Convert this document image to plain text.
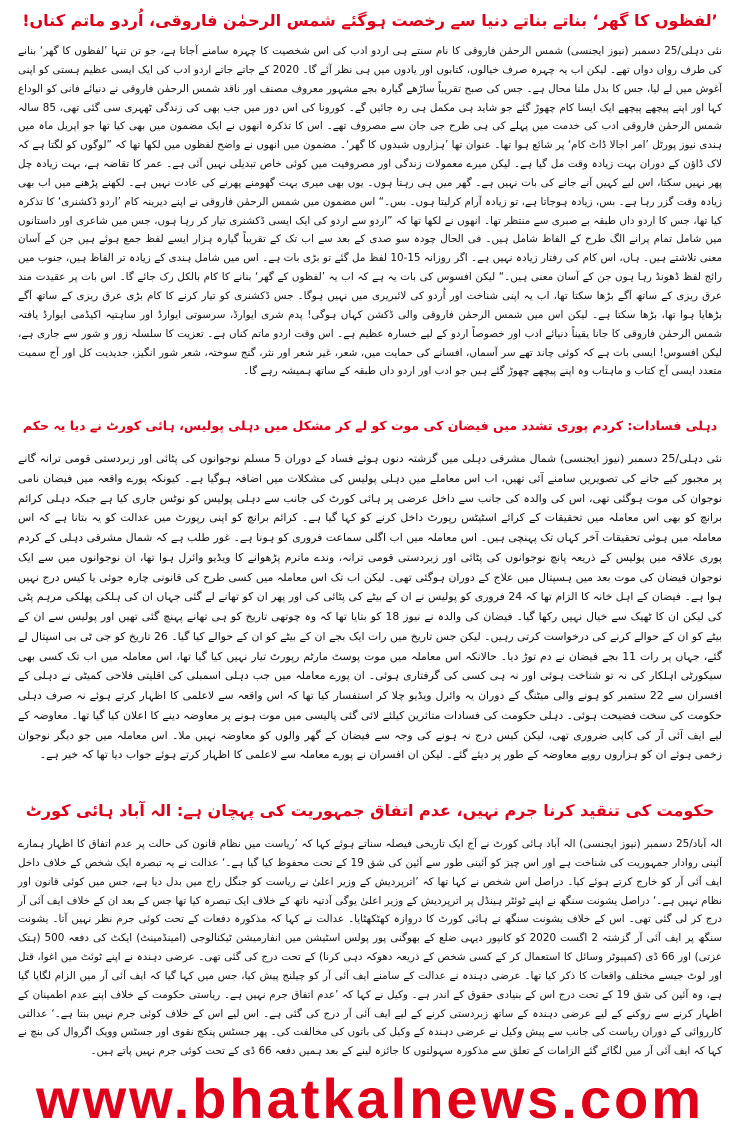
’لفظوں کا گھر‘ بناتے بناتے دنیا سے رخصت ہوگئے شمس الرحمٰن فاروقی، اُردو ماتم کناں!

نئی دہلی/25 دسمبر (نیوز ایجنسی) شمس الرحمٰن فاروقی کا نام سنتے ہی اردو ادب کی اس شخصیت کا چہرہ سامنے آجاتا ہے، جو تن تنہا ’لفظوں کا گھر‘ بنانے کی طرف رواں دواں تھے۔ لیکن اب یہ چہرہ صرف خیالوں، کتابوں اور یادوں میں ہی نظر آئے گا۔ 2020 کے جاتے جاتے اردو ادب کی ایک ایسی عظیم ہستی کو اپنی آغوش میں لے لیا، جس کا بدل ملنا محال ہے۔ جس کی صبح تقریباً ساڑھے گیارہ بجے مشہور معروف مصنف اور ناقد شمس الرحمٰن فاروقی نے دنیائے فانی کو الوداع کہا اور اپنے پیچھے پیچھے ایک ایسا کام چھوڑ گئے جو شاید ہی مکمل ہی رہ جائیں گے۔ کورونا کی اس دور میں جب بھی کی زندگی ٹھہری سی گئی تھی، 85 سالہ شمس الرحمٰن فاروقی ادب کی خدمت میں پہلے کی ہی طرح جی جان سے مصروف تھے۔ اس کا تذکرہ انھوں نے ایک مضمون میں بھی کیا تھا جو اپریل ماہ میں ہندی نیوز پورٹل ’امر اجالا ڈاٹ کام‘ پر شائع ہوا تھا۔ عنوان تھا ’ہزاروں شبدوں کا گھر‘۔ مضمون میں انھوں نے واضح لفظوں میں لکھا تھا کہ ”لوگوں کو لگتا ہے کہ لاک ڈاؤن کے دوران بہت زیادہ وقت مل گیا ہے۔ لیکن میرے معمولات زندگی اور مصروفیت میں کوئی خاص تبدیلی نہیں آئی ہے۔ عمر کا تقاضہ ہے، بہت زیادہ چل پھر نہیں سکتا، اس لیے کہیں آنے جانے کی بات نہیں ہے۔ گھر میں ہی رہتا ہوں۔ یوں بھی میری بہت گھومنے پھرنے کی عادت نہیں ہے۔ لکھنے پڑھنے میں اب بھی زیادہ وقت گزر رہا ہے۔ بس، زیادہ ہوجاتا ہے، تو زیادہ آرام کرلیتا ہوں۔ بس۔“ اس مضمون میں شمس الرحمٰن فاروقی نے اپنے دیرینہ کام ’اردو ڈکشنری‘ کا تذکرہ کیا تھا، جس کا اردو داں طبقہ بے صبری سے منتظر تھا۔ انھوں نے لکھا تھا کہ ”اردو سے اردو کی ایک ایسی ڈکشنری تیار کر رہا ہوں، جس میں شاعری اور داستانوں میں شامل تمام پرانے الگ طرح کے الفاظ شامل ہیں۔ فی الحال چودہ سو صدی کے بعد سے اب تک کے تقریباً گیارہ ہزار ایسے لفظ جمع ہوئے ہیں جن کے آسان معنی تلاشتے ہیں۔ ہاں، اس کام کی رفتار زیادہ نہیں ہے۔ اگر روزانہ 15-10 لفظ مل گئے تو بڑی بات ہے۔ اس میں شامل ہندی کے زیادہ تر الفاظ ہیں، جنوب میں رائج لفظ ڈھونڈ رہا ہوں جن کے آسان معنی ہیں۔“ لیکن افسوس کی بات یہ ہے کہ اب یہ ’لفظوں کے گھر‘ بنانے کا کام بالکل رک جائے گا۔ اس بات پر عقیدت مند عرق ریزی کے ساتھ آگے بڑھا سکتا تھا، اب یہ اپنی شناخت اور اُردو کی لائبریری میں نہیں ہوگا۔ جس ڈکشنری کو تیار کرنے کا کام بڑی عرق ریزی کے ساتھ آگے بڑھایا ہوا تھا، بڑھا سکتا ہے۔ لیکن اس میں شمس الرحمٰن فاروقی والی ڈکشن کہاں ہوگی! پدم شری ایوارڈ، سرسوتی ایوارڈ اور ساہتیہ اکیڈمی ایوارڈ یافتہ شمس الرحمٰن فاروقی کا جانا یقیناً دنیائے ادب اور خصوصاً اردو کے لیے خسارہ عظیم ہے۔ اس وقت اردو ماتم کناں ہے۔ تعزیت کا سلسلہ زور و شور سے جاری ہے، لیکن افسوس! ایسی بات ہے کہ کوئی چاند تھے سر آسماں، افسانے کی حمایت میں، شعر، غیر شعر اور نثر، گنج سوختہ، شعر شور انگیز، جدیدیت کل اور آج سمیت متعدد ایسی آج کتاب و ماہتاب وہ اپنے پیچھے چھوڑ گئے ہیں جو ادب اور اردو داں طبقہ کے ساتھ ہمیشہ رہے گا۔

دہلی فسادات: کردم پوری تشدد میں فیضان کی موت کو لے کر مشکل میں دہلی پولیس، ہائی کورٹ نے دیا یہ حکم

نئی دہلی/25 دسمبر (نیوز ایجنسی) شمال مشرقی دہلی میں گزشتہ دنوں ہوئے فساد کے دوران 5 مسلم نوجوانوں کی پٹائی اور زبردستی قومی ترانہ گانے پر مجبور کیے جانے کی تصویریں سامنے آئی تھیں، اب اس معاملے میں دہلی پولیس کی مشکلات میں اضافہ ہوگیا ہے۔ کیونکہ پورے واقعہ میں فیضان نامی نوجوان کی موت ہوگئی تھی، اس کی والدہ کی جانب سے داخل عرضی پر ہائی کورٹ کی جانب سے دہلی پولیس کو نوٹس جاری کیا ہے جبکہ دہلی کرائم برانچ کو بھی اس معاملہ میں تحقیقات کے کرائے اسٹیٹس رپورٹ داخل کرنے کو کہا گیا ہے۔ کرائم برانچ کو اپنی رپورٹ میں عدالت کو یہ بتانا ہے کہ اس معاملہ میں ہوئی تحقیقات آخر کہاں تک پہنچی ہیں۔ اس معاملہ میں اب اگلی سماعت فروری کو ہونا ہے۔ غور طلب ہے کہ شمال مشرقی دہلی کے کردم پوری علاقہ میں پولیس کے ذریعہ پانچ نوجوانوں کی پٹائی اور زبردستی قومی ترانہ، وندے ماترم پڑھوانے کا ویڈیو وائرل ہوا تھا، ان نوجوانوں میں سے ایک نوجوان فیضان کی موت بعد میں ہسپتال میں علاج کے دوران ہوگئی تھی۔ لیکن اب تک اس معاملہ میں کسی طرح کی قانونی چارہ جوئی یا کیس درج نہیں ہوا ہے۔ فیضان کے اہل خانہ کا الزام تھا کہ 24 فروری کو پولیس نے ان کے بیٹے کی پٹائی کی اور پھر ان کو تھانے لے گئی جہاں ان کی ہلکی پھلکی مرہم پٹی کی لیکن ان کا ٹھیک سے خیال نہیں رکھا گیا۔ فیضان کی والدہ نے نیوز 18 کو بتایا تھا کہ وہ چوتھی تاریخ کو ہی تھانے پہنچ گئی تھیں اور پولیس سے ان کے بیٹے کو ان کے حوالے کرنے کی درخواست کرتی رہیں۔ لیکن جس تاریخ میں رات ایک بجے ان کے بیٹے کو ان کے حوالے کیا گیا۔ 26 تاریخ کو جی ٹی بی اسپتال لے گئے، جہاں پر رات 11 بجے فیضان نے دم توڑ دیا۔ حالانکہ اس معاملہ میں موت پوسٹ مارٹم رپورٹ تیار نہیں کیا گیا تھا، اس معاملہ میں اب تک کسی بھی سیکورٹی اہلکار کی نہ تو شناخت ہوئی اور نہ ہی کسی کی گرفتاری ہوئی۔ ان پورے معاملہ میں جب دہلی اسمبلی کی اقلیتی فلاحی کمیٹی نے دہلی کے افسران سے 22 ستمبر کو ہونے والی میٹنگ کے دوران یہ وائرل ویڈیو چلا کر استفسار کیا تھا کہ اس واقعہ سے لاعلمی کا اظہار کرتے ہوئے نہ صرف دہلی حکومت کی سخت فضیحت ہوئی۔ دہلی حکومت کی فسادات متاثرین کیلئے لائی گئی پالیسی میں موت ہونے پر معاوضہ دینے کا اعلان کیا گیا تھا۔ معاوضہ کے لیے ایف آئی آر کی کاپی ضروری تھی، لیکن کیس درج نہ ہونے کی وجہ سے فیضان کے گھر والوں کو معاوضہ نہیں ملا۔ اس معاملہ میں جو دیگر نوجوان زخمی ہوئے ان کو ہزاروں روپے معاوضہ کے طور پر دیئے گئے۔ لیکن ان افسران نے پورے معاملہ سے لاعلمی کا اظہار کرتے ہوئے جواب دیا تھا کہ خیر ہے۔

حکومت کی تنقید کرنا جرم نہیں، عدم اتفاق جمہوریت کی پہچان ہے: الہ آباد ہائی کورٹ

الہ آباد/25 دسمبر (نیوز ایجنسی) الہ آباد ہائی کورٹ نے آج ایک تاریخی فیصلہ سناتے ہوئے کہا کہ ’ریاست میں نظام قانون کی حالت پر عدم اتفاق کا اظہار ہمارے آئینی روادار جمہوریت کی شناخت ہے اور اس چیز کو آئینی طور سے آئین کی شق 19 کے تحت محفوظ کیا گیا ہے۔‘ عدالت نے یہ تبصرہ ایک شخص کے خلاف داخل ایف آئی آر کو خارج کرتے ہوئے کیا۔ دراصل اس شخص نے کہا تھا کہ ’اترپردیش کے وزیر اعلیٰ نے ریاست کو جنگل راج میں بدل دیا ہے، جس میں کوئی قانون اور نظام نہیں ہے۔‘ دراصل یشونت سنگھ نے اپنے ٹوئٹر ہینڈل پر اترپردیش کے وزیر اعلیٰ یوگی آدتیہ ناتھ کے خلاف ایک تبصرہ کیا تھا جس کے بعد ان کے خلاف ایف آئی آر درج کر لی گئی تھی۔ اس کے خلاف یشونت سنگھ نے ہائی کورٹ کا دروازہ کھٹکھٹایا۔ عدالت نے کہا کہ مذکورہ دفعات کے تحت کوئی جرم نظر نہیں آتا۔ یشونت سنگھ پر ایف آئی آر گزشتہ 2 اگست 2020 کو کانپور دیہی ضلع کے بھوگنی پور پولس اسٹیشن میں انفارمیشن ٹیکنالوجی (امینڈمینٹ) ایکٹ کی دفعہ 500 (ہتک عزتی) اور 66 ڈی (کمپیوٹر وسائل کا استعمال کر کے کسی شخص کے ذریعہ دھوکہ دہی کرنا) کے تحت درج کی گئی تھی۔ عرضی دہندہ نے اپنے ٹوئٹ میں اغوا، قتل اور لوٹ جیسے مختلف واقعات کا ذکر کیا تھا۔ عرضی دہندہ نے عدالت کے سامنے ایف آئی آر کو چیلنج پیش کیا، جس میں کہا گیا کہ ایف آئی آر میں الزام لگایا گیا ہے، وہ آئین کی شق 19 کے تحت درج اس کے بنیادی حقوق کے اندر ہے۔ وکیل نے کہا کہ ’عدم اتفاق جرم نہیں ہے۔ ریاستی حکومت کے خلاف اپنے عدم اطمینان کے اظہار کرنے سے روکنے کے لیے عرضی دہندہ کے ساتھ زبردستی کرنے کے لیے ایف آئی آر درج کی گئی ہے۔ اس لیے اس کے خلاف کوئی جرم نہیں بنتا ہے۔‘ عدالتی کارروائی کے دوران ریاست کی جانب سے پیش وکیل نے عرضی دہندہ کے وکیل کی باتوں کی مخالفت کی۔ پھر جسٹس پنکج نقوی اور جسٹس وویک اگروال کی بنچ نے کہا کہ ایف آئی آر میں لگائے گئے الزامات کے تعلق سے مذکورہ سہولتوں کا جائزہ لینے کے بعد ہمیں دفعہ 66 ڈی کے تحت کوئی جرم نہیں پاتے ہیں۔

www.bhatkalnews.com
